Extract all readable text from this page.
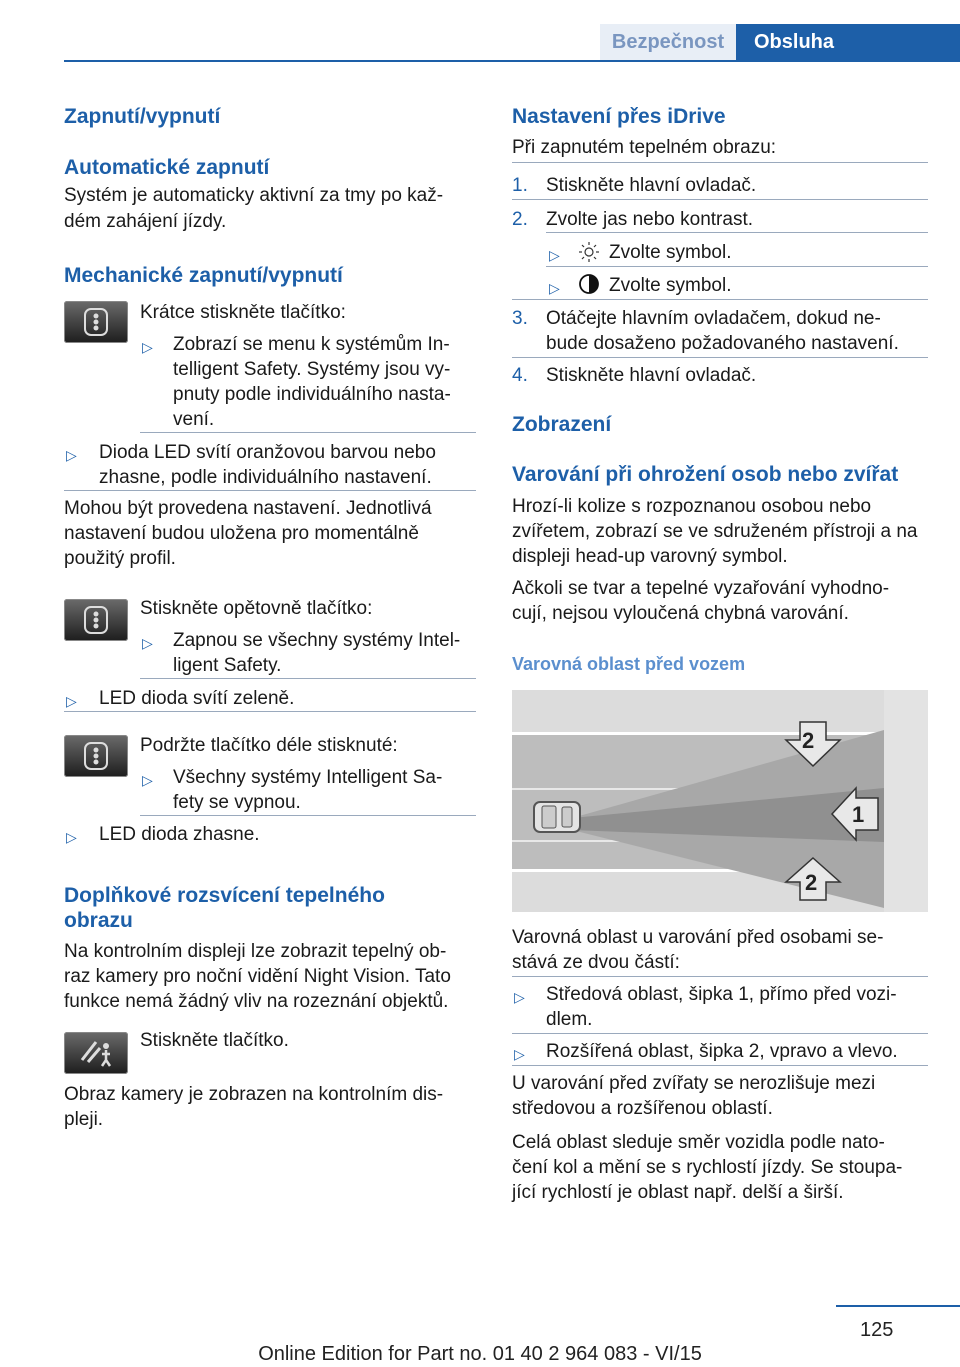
Bezpečnost	Obsluha
Zapnutí/vypnutí
Automatické zapnutí
Systém je automaticky aktivní za tmy po kaž‐
dém zahájení jízdy.
Mechanické zapnutí/vypnutí
Krátce stiskněte tlačítko:
▷ Zobrazí se menu k systémům In‐
telligent Safety. Systémy jsou vy‐
pnuty podle individuálního nasta‐
vení.
▷ Dioda LED svítí oranžovou barvou nebo
zhasne, podle individuálního nastavení.
Mohou být provedena nastavení. Jednotlivá
nastavení budou uložena pro momentálně
použitý profil.
Stiskněte opětovně tlačítko:
▷ Zapnou se všechny systémy Intel‐
ligent Safety.
▷ LED dioda svítí zeleně.
Podržte tlačítko déle stisknuté:
▷ Všechny systémy Intelligent Sa‐
fety se vypnou.
▷ LED dioda zhasne.
Doplňkové rozsvícení tepelného
obrazu
Na kontrolním displeji lze zobrazit tepelný ob‐
raz kamery pro noční vidění Night Vision. Tato
funkce nemá žádný vliv na rozeznání objektů.
Stiskněte tlačítko.
Obraz kamery je zobrazen na kontrolním dis‐
pleji.
Nastavení přes iDrive
Při zapnutém tepelném obrazu:
1. Stiskněte hlavní ovladač.
2. Zvolte jas nebo kontrast.
▷	Zvolte symbol.
▷	Zvolte symbol.
3. Otáčejte hlavním ovladačem, dokud ne‐
bude dosaženo požadovaného nastavení.
4. Stiskněte hlavní ovladač.
Zobrazení
Varování při ohrožení osob nebo zvířat
Hrozí-li kolize s rozpoznanou osobou nebo
zvířetem, zobrazí se ve sdruženém přístroji a na
displeji head-up varovný symbol.
Ačkoli se tvar a tepelné vyzařování vyhodno‐
cují, nejsou vyloučená chybná varování.
Varovná oblast před vozem
2
1
2
Varovná oblast u varování před osobami se‐
stává ze dvou částí:
▷ Středová oblast, šipka 1, přímo před vozi‐
dlem.
▷ Rozšířená oblast, šipka 2, vpravo a vlevo.
U varování před zvířaty se nerozlišuje mezi
středovou a rozšířenou oblastí.
Celá oblast sleduje směr vozidla podle nato‐
čení kol a mění se s rychlostí jízdy. Se stoupa‐
jící rychlostí je oblast např. delší a širší.
125
Online Edition for Part no. 01 40 2 964 083 - VI/15
